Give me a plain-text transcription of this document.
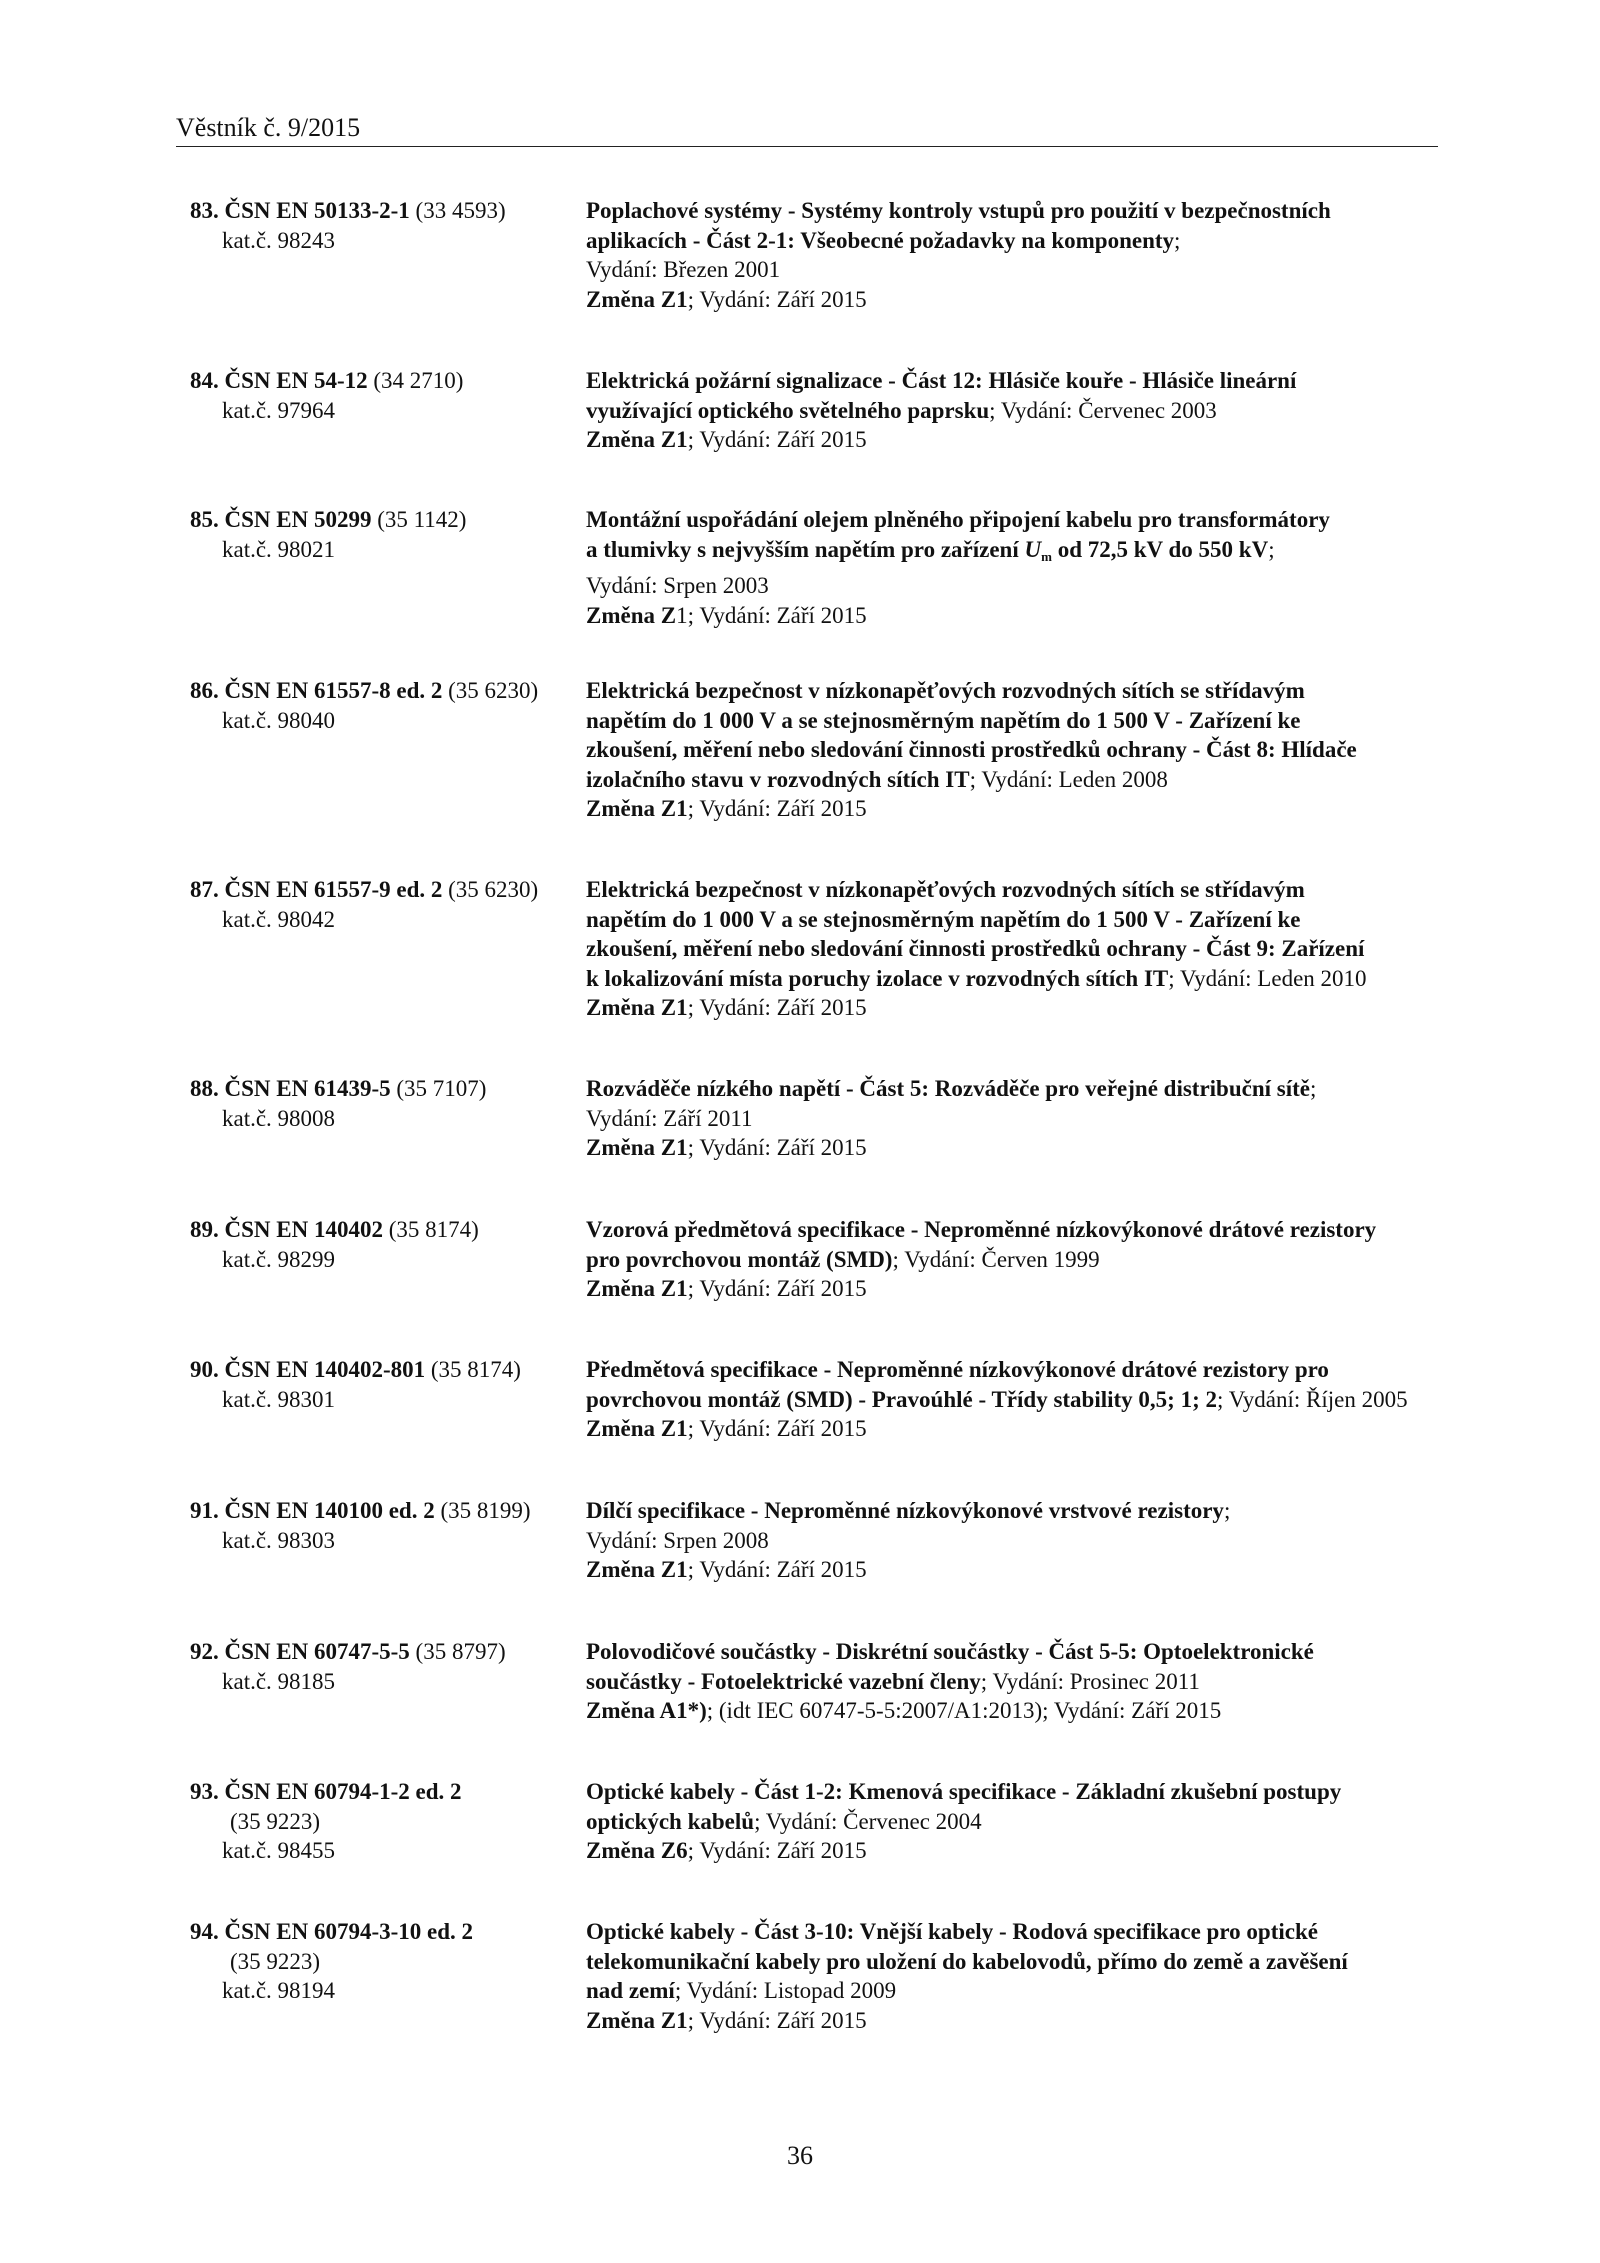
Věstník č. 9/2015
83. ČSN EN 50133-2-1 (33 4593)
kat.č. 98243
Poplachové systémy - Systémy kontroly vstupů pro použití v bezpečnostních
aplikacích - Část 2-1: Všeobecné požadavky na komponenty;
Vydání: Březen 2001
Změna Z1; Vydání: Září 2015
84. ČSN EN 54-12 (34 2710)
kat.č. 97964
Elektrická požární signalizace - Část 12: Hlásiče kouře - Hlásiče lineární
využívající optického světelného paprsku; Vydání: Červenec 2003
Změna Z1; Vydání: Září 2015
85. ČSN EN 50299 (35 1142)
kat.č. 98021
Montážní uspořádání olejem plněného připojení kabelu pro transformátory
a tlumivky s nejvyšším napětím pro zařízení $U_m$ od 72,5 kV do 550 kV;
Vydání: Srpen 2003
Změna Z1; Vydání: Září 2015
86. ČSN EN 61557-8 ed. 2 (35 6230)
kat.č. 98040
Elektrická bezpečnost v nízkonapěťových rozvodných sítích se střídavým
napětím do 1 000 V a se stejnosměrným napětím do 1 500 V - Zařízení ke
zkoušení, měření nebo sledování činnosti prostředků ochrany - Část 8: Hlídače
izolačního stavu v rozvodných sítích IT; Vydání: Leden 2008
Změna Z1; Vydání: Září 2015
87. ČSN EN 61557-9 ed. 2 (35 6230)
kat.č. 98042
Elektrická bezpečnost v nízkonapěťových rozvodných sítích se střídavým
napětím do 1 000 V a se stejnosměrným napětím do 1 500 V - Zařízení ke
zkoušení, měření nebo sledování činnosti prostředků ochrany - Část 9: Zařízení
k lokalizování místa poruchy izolace v rozvodných sítích IT; Vydání: Leden 2010
Změna Z1; Vydání: Září 2015
88. ČSN EN 61439-5 (35 7107)
kat.č. 98008
Rozváděče nízkého napětí - Část 5: Rozváděče pro veřejné distribuční sítě;
Vydání: Září 2011
Změna Z1; Vydání: Září 2015
89. ČSN EN 140402 (35 8174)
kat.č. 98299
Vzorová předmětová specifikace - Neproměnné nízkovýkonové drátové rezistory
pro povrchovou montáž (SMD); Vydání: Červen 1999
Změna Z1; Vydání: Září 2015
90. ČSN EN 140402-801 (35 8174)
kat.č. 98301
Předmětová specifikace - Neproměnné nízkovýkonové drátové rezistory pro
povrchovou montáž (SMD) - Pravoúhlé - Třídy stability 0,5; 1; 2; Vydání: Říjen 2005
Změna Z1; Vydání: Září 2015
91. ČSN EN 140100 ed. 2 (35 8199)
kat.č. 98303
Dílčí specifikace - Neproměnné nízkovýkonové vrstvové rezistory;
Vydání: Srpen 2008
Změna Z1; Vydání: Září 2015
92. ČSN EN 60747-5-5 (35 8797)
kat.č. 98185
Polovodičové součástky - Diskrétní součástky - Část 5-5: Optoelektronické
součástky - Fotoelektrické vazební členy; Vydání: Prosinec 2011
Změna A1*); (idt IEC 60747-5-5:2007/A1:2013); Vydání: Září 2015
93. ČSN EN 60794-1-2 ed. 2
(35 9223)
kat.č. 98455
Optické kabely - Část 1-2: Kmenová specifikace - Základní zkušební postupy
optických kabelů; Vydání: Červenec 2004
Změna Z6; Vydání: Září 2015
94. ČSN EN 60794-3-10 ed. 2
(35 9223)
kat.č. 98194
Optické kabely - Část 3-10: Vnější kabely - Rodová specifikace pro optické
telekomunikační kabely pro uložení do kabelovodů, přímo do země a zavěšení
nad zemí; Vydání: Listopad 2009
Změna Z1; Vydání: Září 2015
36
